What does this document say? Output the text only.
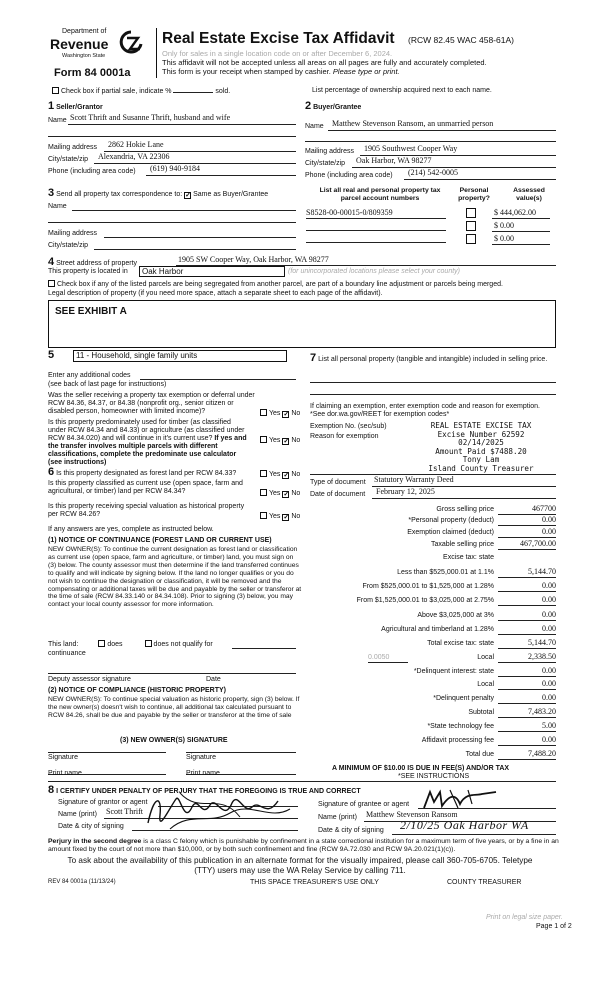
Department of
Revenue
Washington State
Form 84 0001a
Real Estate Excise Tax Affidavit (RCW 82.45 WAC 458-61A)
Only for sales in a single location code on or after December 6, 2024.
This affidavit will not be accepted unless all areas on all pages are fully and accurately completed.
This form is your receipt when stamped by cashier. Please type or print.
Check box if partial sale, indicate %	sold.	List percentage of ownership acquired next to each name.
1 Seller/Grantor
Name Scott Thrift and Susanne Thrift, husband and wife
Mailing address 2862 Hokie Lane
City/state/zip Alexandria, VA 22306
Phone (including area code) (619) 940-9184
2 Buyer/Grantee
Name Matthew Stevenson Ransom, an unmarried person
Mailing address 1905 Southwest Cooper Way
City/state/zip Oak Harbor, WA 98277
Phone (including area code) (214) 542-0005
3 Send all property tax correspondence to: ✓ Same as Buyer/Grantee
Name
Mailing address
City/state/zip
List all real and personal property tax parcel account numbers
Personal property?
Assessed value(s)
S8528-00-00015-0/809359	$ 444,062.00
$ 0.00
$ 0.00
4 Street address of property	1905 SW Cooper Way, Oak Harbor, WA 98277
This property is located in	Oak Harbor	(for unincorporated locations please select your county)
Check box if any of the listed parcels are being segregated from another parcel, are part of a boundary line adjustment or parcels being merged.
Legal description of property (if you need more space, attach a separate sheet to each page of the affidavit).
SEE EXHIBIT A
5	11 - Household, single family units
Enter any additional codes
(see back of last page for instructions)
Was the seller receiving a property tax exemption or deferral under RCW 84.36, 84.37, or 84.38 (nonprofit org., senior citizen or disabled person, homeowner with limited income)?	Yes ✓ No
Is this property predominately used for timber (as classified under RCW 84.34 and 84.33) or agriculture (as classified under RCW 84.34.020) and will continue in it's current use? If yes and the transfer involves multiple parcels with different classifications, complete the predominate use calculator (see instructions)
Yes ✓ No
6 Is this property designated as forest land per RCW 84.33?	Yes ✓ No
Is this property classified as current use (open space, farm and agricultural, or timber) land per RCW 84.34?	Yes ✓ No
Is this property receiving special valuation as historical property per RCW 84.26?	Yes ✓ No
If any answers are yes, complete as instructed below.
(1) NOTICE OF CONTINUANCE (FOREST LAND OR CURRENT USE)
NEW OWNER(S): To continue the current designation as forest land or classification as current use (open space, farm and agriculture, or timber) land, you must sign on (3) below. The county assessor must then determine if the land transferred continues to qualify and will indicate by signing below. If the land no longer qualifies or you do not wish to continue the designation or classification, it will be removed and the compensating or additional taxes will be due and payable by the seller or transferor at the time of sale (RCW 84.33.140 or 84.34.108). Prior to signing (3) below, you may contact your local county assessor for more information.
This land:	does	does not qualify for
continuance
Deputy assessor signature	Date
(2) NOTICE OF COMPLIANCE (HISTORIC PROPERTY)
NEW OWNER(S): To continue special valuation as historic property, sign (3) below. If the new owner(s) doesn't wish to continue, all additional tax calculated pursuant to RCW 84.26, shall be due and payable by the seller or transferor at the time of sale
(3) NEW OWNER(S) SIGNATURE
Signature	Signature
Print name	Print name
7 List all personal property (tangible and intangible) included in selling price.
If claiming an exemption, enter exemption code and reason for exemption. *See dor.wa.gov/REET for exemption codes*
Exemption No. (sec/sub)
Reason for exemption
REAL ESTATE EXCISE TAX
Excise Number 62592
02/14/2025
Amount Paid $7488.20
Tony Lam
Island County Treasurer
Type of document Statutory Warranty Deed
Date of document February 12, 2025
Gross selling price	467700
*Personal property (deduct)	0.00
Exemption claimed (deduct)	0.00
Taxable selling price	467,700.00
Excise tax: state
Less than $525,000.01 at 1.1%	5,144.70
From $525,000.01 to $1,525,000 at 1.28%	0.00
From $1,525,000.01 to $3,025,000 at 2.75%	0.00
Above $3,025,000 at 3%	0.00
Agricultural and timberland at 1.28%	0.00
Total excise tax: state	5,144.70
Local	2,338.50
0.0050
*Delinquent interest: state	0.00
Local	0.00
*Delinquent penalty	0.00
Subtotal	7,483.20
*State technology fee	5.00
Affidavit processing fee	0.00
Total due	7,488.20
A MINIMUM OF $10.00 IS DUE IN FEE(S) AND/OR TAX
*SEE INSTRUCTIONS
8 I CERTIFY UNDER PENALTY OF PERJURY THAT THE FOREGOING IS TRUE AND CORRECT
Signature of grantor or agent
Name (print) Scott Thrift
Date & city of signing
Signature of grantee or agent
Name (print) Matthew Stevenson Ransom
Date & city of signing 2/10/25 Oak Harbor WA
Perjury in the second degree is a class C felony which is punishable by confinement in a state correctional institution for a maximum term of five years, or by a fine in an amount fixed by the court of not more than $10,000, or by both such confinement and fine (RCW 9A.72.030 and RCW 9A.20.021(1)(c)).
To ask about the availability of this publication in an alternate format for the visually impaired, please call 360-705-6705. Teletype
(TTY) users may use the WA Relay Service by calling 711.
REV 84 0001a (11/13/24)	THIS SPACE TREASURER'S USE ONLY	COUNTY TREASURER
Print on legal size paper.
Page 1 of 2
